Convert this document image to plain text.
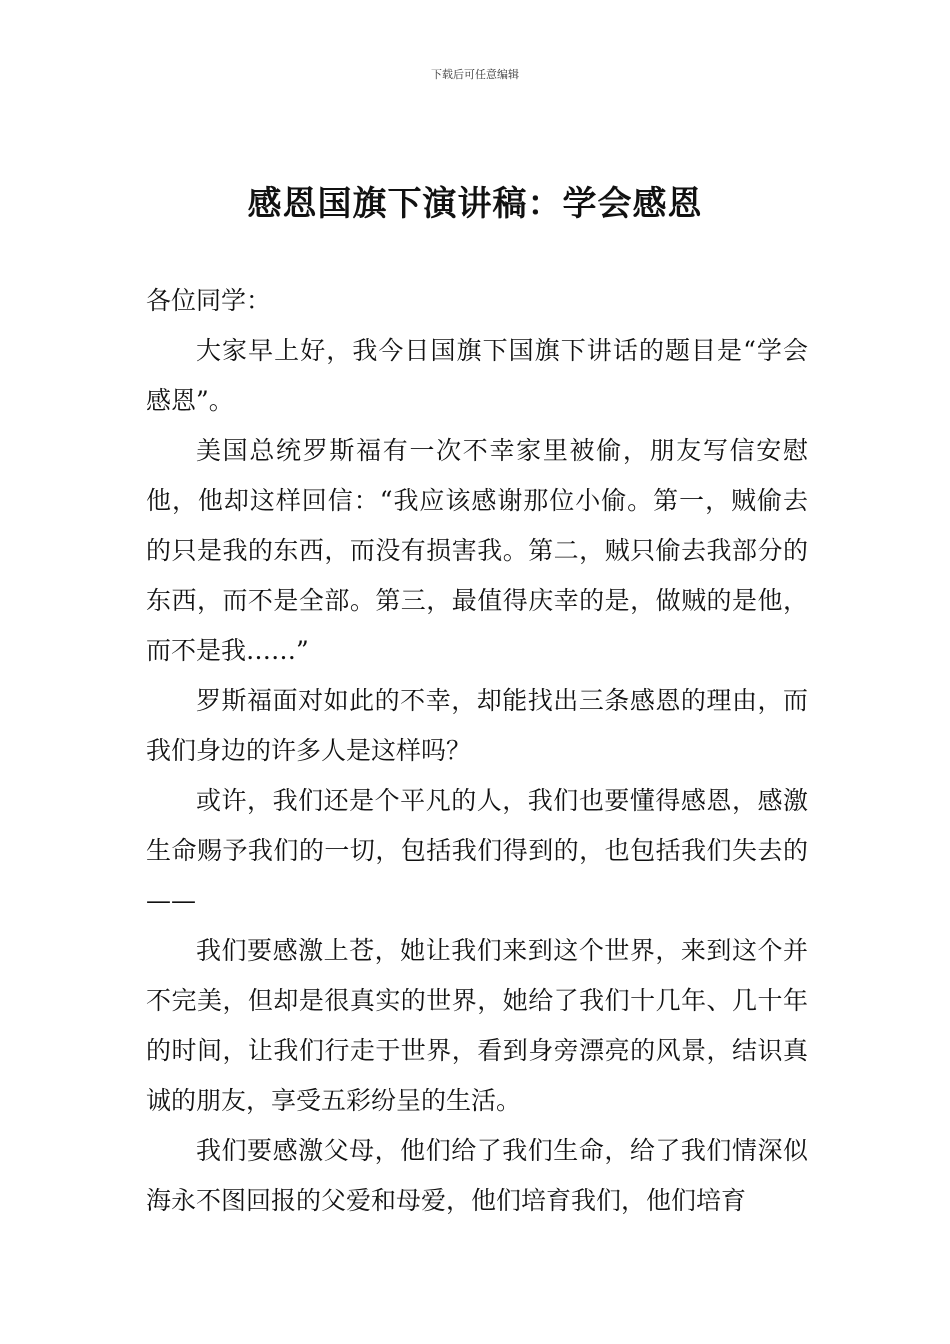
下载后可任意编辑
感恩国旗下演讲稿：学会感恩

各位同学：

大家早上好，我今日国旗下国旗下讲话的题目是“学会感恩”。

美国总统罗斯福有一次不幸家里被偷，朋友写信安慰他，他却这样回信：“我应该感谢那位小偷。第一，贼偷去的只是我的东西，而没有损害我。第二，贼只偷去我部分的东西，而不是全部。第三，最值得庆幸的是，做贼的是他，而不是我……”

罗斯福面对如此的不幸，却能找出三条感恩的理由，而我们身边的许多人是这样吗？

或许，我们还是个平凡的人，我们也要懂得感恩，感激生命赐予我们的一切，包括我们得到的，也包括我们失去的——

我们要感激上苍，她让我们来到这个世界，来到这个并不完美，但却是很真实的世界，她给了我们十几年、几十年的时间，让我们行走于世界，看到身旁漂亮的风景，结识真诚的朋友，享受五彩纷呈的生活。

我们要感激父母，他们给了我们生命，给了我们情深似海永不图回报的父爱和母爱，他们培育我们，他们培育
